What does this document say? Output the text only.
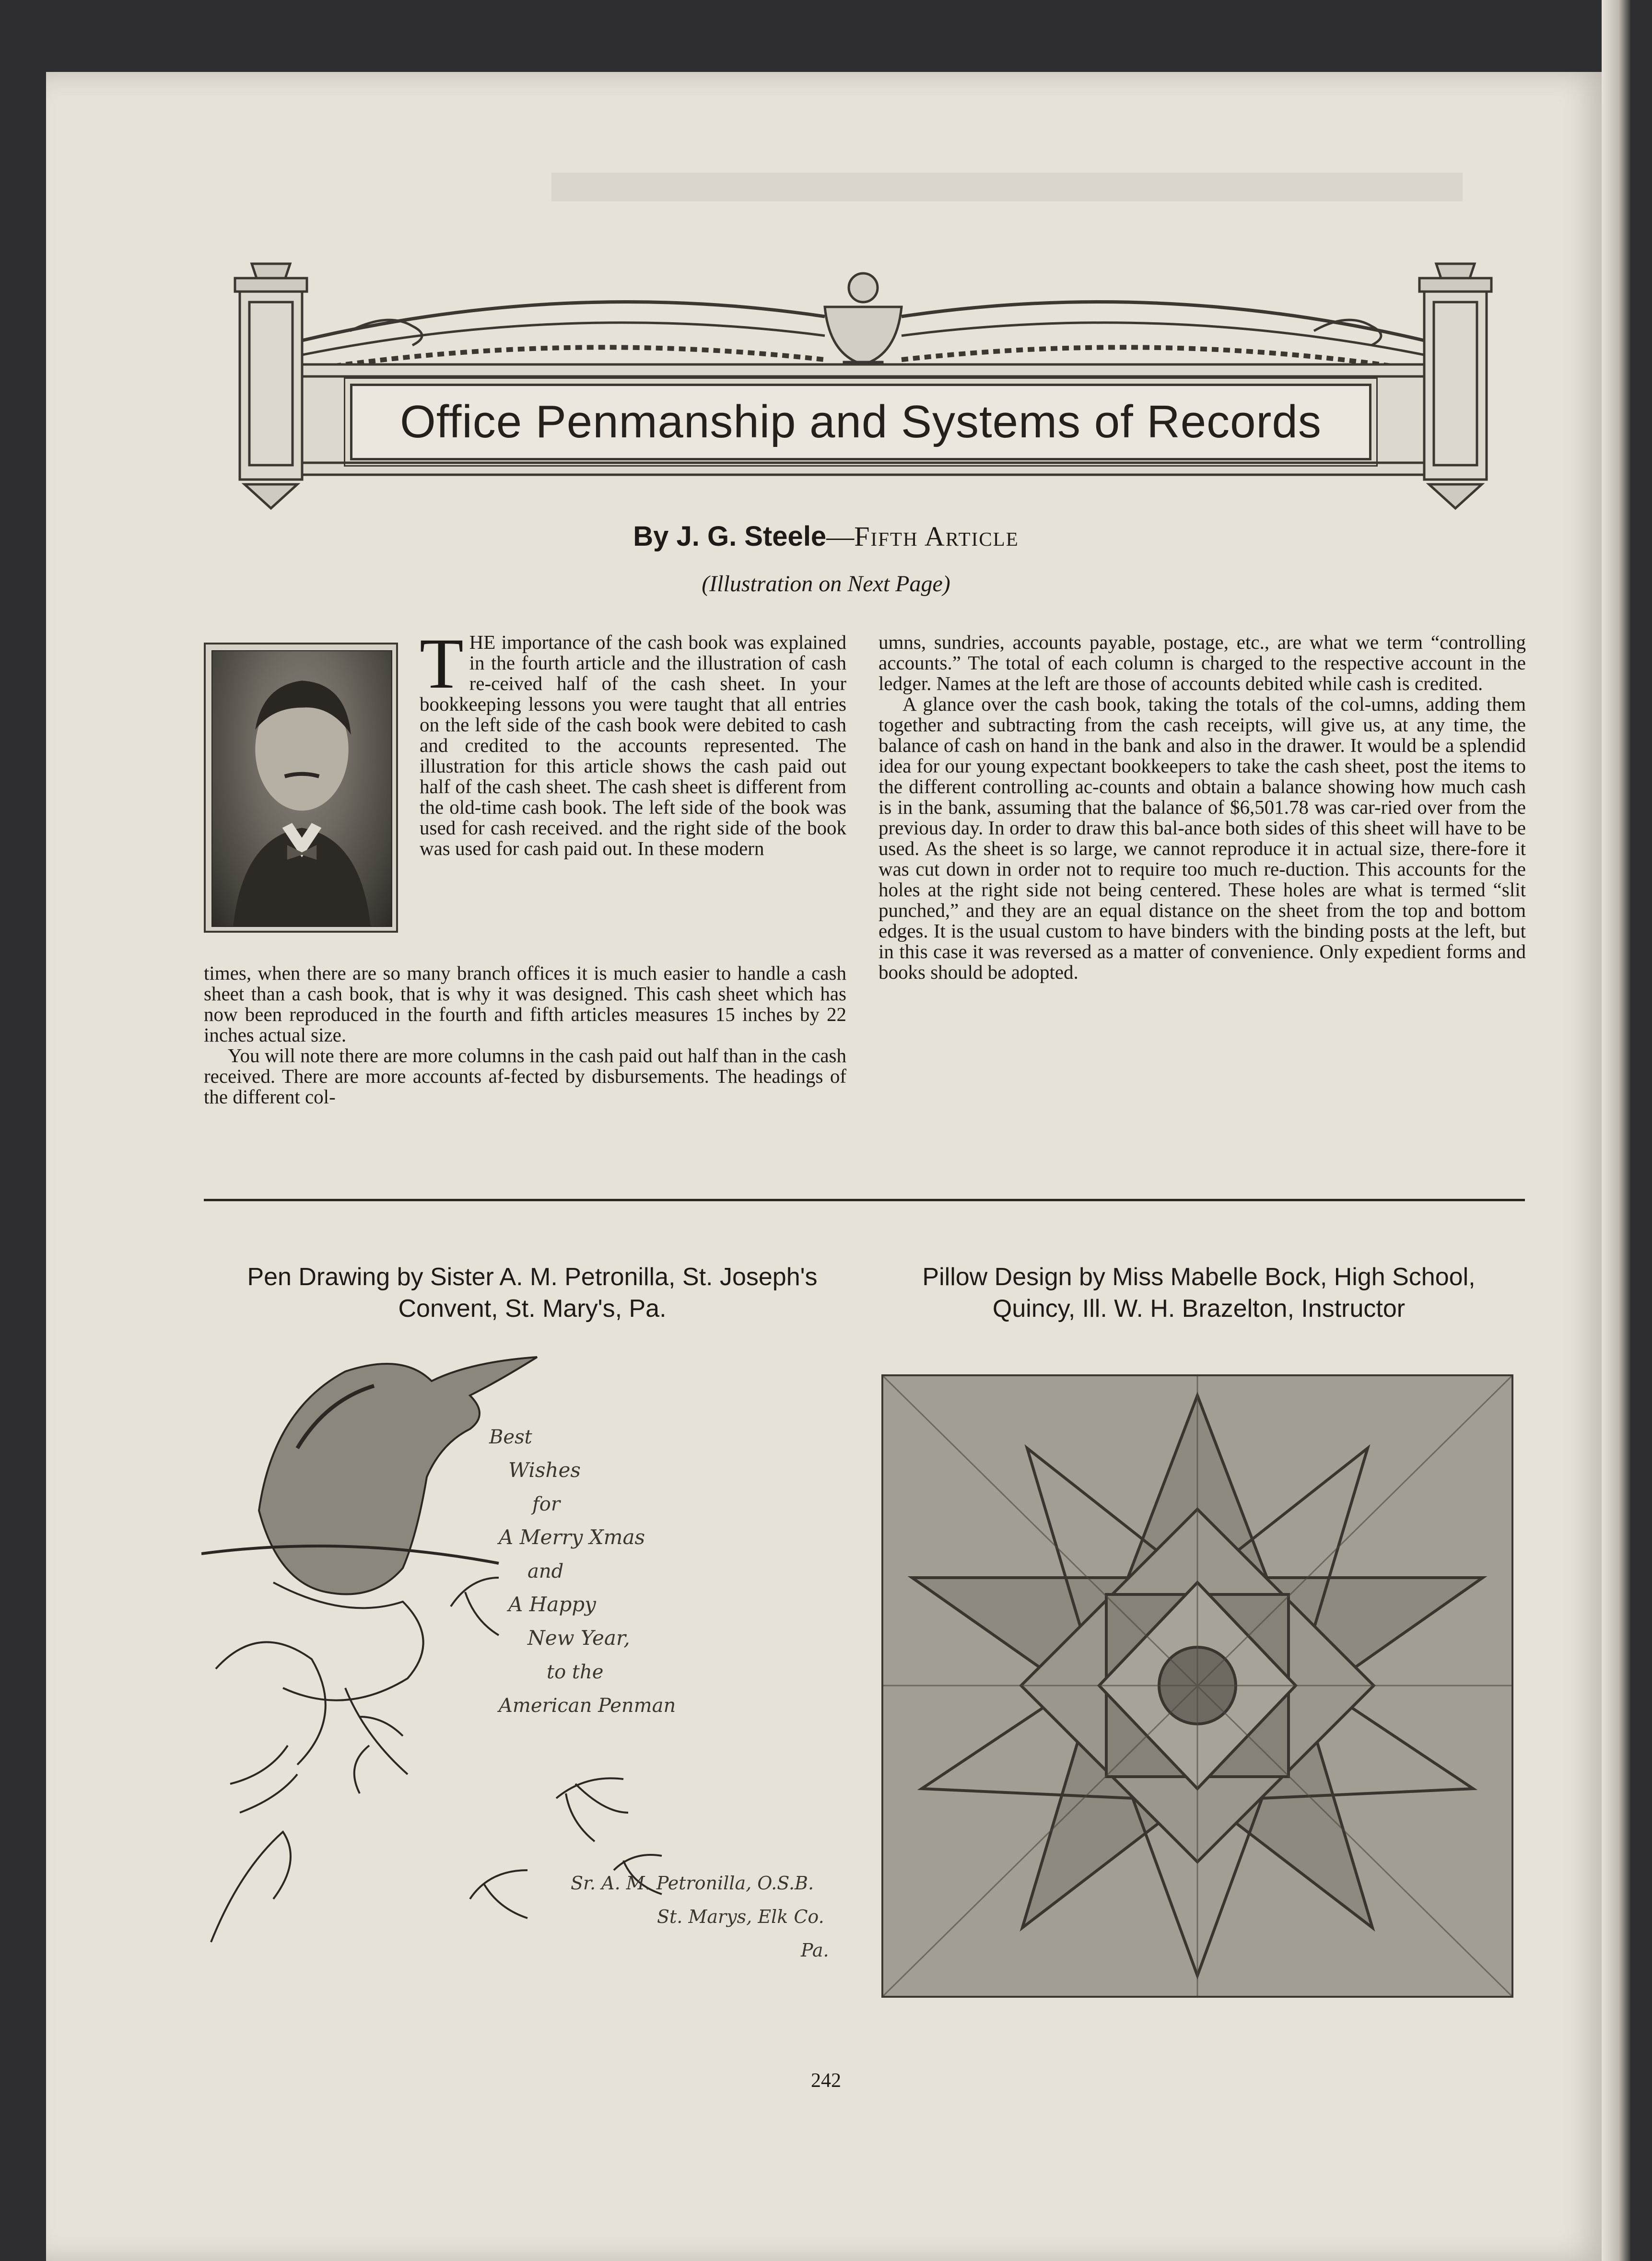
Office Penmanship and Systems of Records
By J. G. Steele—Fifth Article
(Illustration on Next Page)
T HE importance of the cash book was explained in the fourth article and the illustration of cash re-ceived half of the cash sheet. In your bookkeeping lessons you were taught that all entries on the left side of the cash book were debited to cash and credited to the accounts represented. The illustration for this article shows the cash paid out half of the cash sheet. The cash sheet is different from the old-time cash book. The left side of the book was used for cash received. and the right side of the book was used for cash paid out. In these modern

times, when there are so many branch offices it is much easier to handle a cash sheet than a cash book, that is why it was designed. This cash sheet which has now been reproduced in the fourth and fifth articles measures 15 inches by 22 inches actual size.

You will note there are more columns in the cash paid out half than in the cash received. There are more accounts af-fected by disbursements. The headings of the different col-

umns, sundries, accounts payable, postage, etc., are what we term “controlling accounts.” The total of each column is charged to the respective account in the ledger. Names at the left are those of accounts debited while cash is credited.

A glance over the cash book, taking the totals of the col-umns, adding them together and subtracting from the cash receipts, will give us, at any time, the balance of cash on hand in the bank and also in the drawer. It would be a splendid idea for our young expectant bookkeepers to take the cash sheet, post the items to the different controlling ac-counts and obtain a balance showing how much cash is in the bank, assuming that the balance of $6,501.78 was car-ried over from the previous day. In order to draw this bal-ance both sides of this sheet will have to be used. As the sheet is so large, we cannot reproduce it in actual size, there-fore it was cut down in order not to require too much re-duction. This accounts for the holes at the right side not being centered. These holes are what is termed “slit punched,” and they are an equal distance on the sheet from the top and bottom edges. It is the usual custom to have binders with the binding posts at the left, but in this case it was reversed as a matter of convenience. Only expedient forms and books should be adopted.

Pen Drawing by Sister A. M. Petronilla, St. Joseph's Convent, St. Mary's, Pa.
Pillow Design by Miss Mabelle Bock, High School, Quincy, Ill. W. H. Brazelton, Instructor
Best
Wishes
for
A Merry Xmas
and
A Happy
New Year,
to the
American Penman
Sr. A. M. Petronilla, O.S.B.
St. Marys, Elk Co.
Pa.
242
